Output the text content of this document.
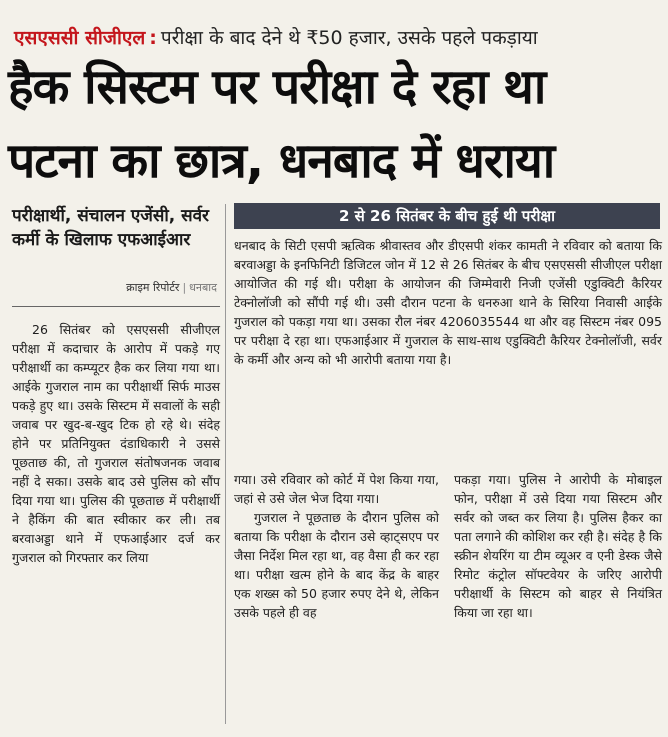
एसएससी सीजीएल : परीक्षा के बाद देने थे ₹50 हजार, उसके पहले पकड़ाया
हैक सिस्टम पर परीक्षा दे रहा था
पटना का छात्र, धनबाद में धराया
परीक्षार्थी, संचालन एजेंसी, सर्वर कर्मी के खिलाफ एफआईआर
क्राइम रिपोर्टर | धनबाद
2 से 26 सितंबर के बीच हुई थी परीक्षा

धनबाद के सिटी एसपी ऋत्विक श्रीवास्तव और डीएसपी शंकर कामती ने रविवार को बताया कि बरवाअड्डा के इनफिनिटी डिजिटल जोन में 12 से 26 सितंबर के बीच एसएससी सीजीएल परीक्षा आयोजित की गई थी। परीक्षा के आयोजन की जिम्मेवारी निजी एजेंसी एडुक्विटी कैरियर टेक्नोलॉजी को सौंपी गई थी। उसी दौरान पटना के धनरुआ थाने के सिरिया निवासी आईके गुजराल को पकड़ा गया था। उसका रौल नंबर 4206035544 था और वह सिस्टम नंबर 095 पर परीक्षा दे रहा था। एफआईआर में गुजराल के साथ-साथ एडुक्विटी कैरियर टेक्नोलॉजी, सर्वर के कर्मी और अन्य को भी आरोपी बताया गया है।

26 सितंबर को एसएससी सीजीएल परीक्षा में कदाचार के आरोप में पकड़े गए परीक्षार्थी का कम्प्यूटर हैक कर लिया गया था। आईके गुजराल नाम का परीक्षार्थी सिर्फ माउस पकड़े हुए था। उसके सिस्टम में सवालों के सही जवाब पर खुद-ब-खुद टिक हो रहे थे। संदेह होने पर प्रतिनियुक्त दंडाधिकारी ने उससे पूछताछ की, तो गुजराल संतोषजनक जवाब नहीं दे सका। उसके बाद उसे पुलिस को सौंप दिया गया था। पुलिस की पूछताछ में परीक्षार्थी ने हैकिंग की बात स्वीकार कर ली। तब बरवाअड्डा थाने में एफआईआर दर्ज कर गुजराल को गिरफ्तार कर लिया

गया। उसे रविवार को कोर्ट में पेश किया गया, जहां से उसे जेल भेज दिया गया।

गुजराल ने पूछताछ के दौरान पुलिस को बताया कि परीक्षा के दौरान उसे व्हाट्सएप पर जैसा निर्देश मिल रहा था, वह वैसा ही कर रहा था। परीक्षा खत्म होने के बाद केंद्र के बाहर एक शख्स को 50 हजार रुपए देने थे, लेकिन उसके पहले ही वह

पकड़ा गया। पुलिस ने आरोपी के मोबाइल फोन, परीक्षा में उसे दिया गया सिस्टम और सर्वर को जब्त कर लिया है। पुलिस हैकर का पता लगाने की कोशिश कर रही है। संदेह है कि स्क्रीन शेयरिंग या टीम व्यूअर व एनी डेस्क जैसे रिमोट कंट्रोल सॉफ्टवेयर के जरिए आरोपी परीक्षार्थी के सिस्टम को बाहर से नियंत्रित किया जा रहा था।
